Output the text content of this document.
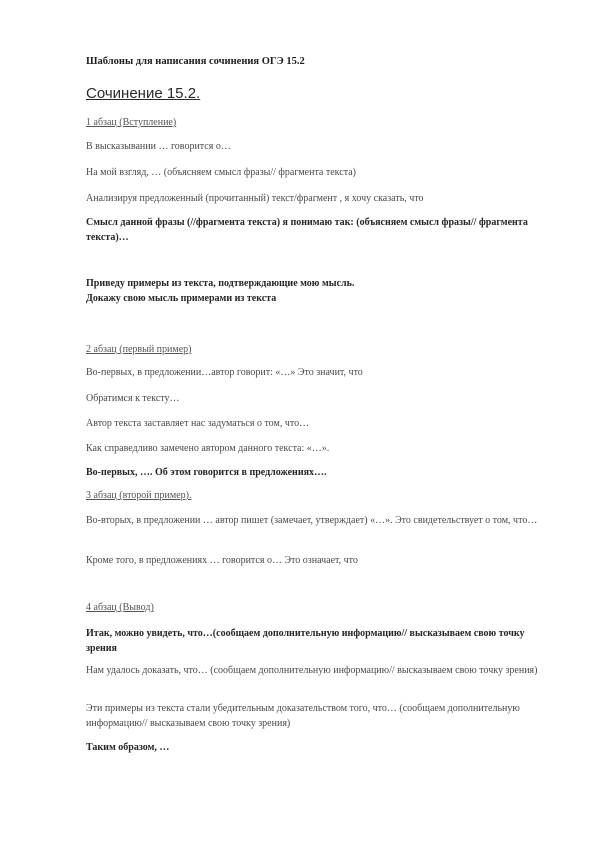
Шаблоны для написания сочинения ОГЭ 15.2
Сочинение 15.2.
1 абзац (Вступление)
В высказывании … говорится о…
На мой взгляд, … (объясняем смысл фразы// фрагмента текста)
Анализируя предложенный (прочитанный) текст/фрагмент , я хочу сказать, что
Смысл данной фразы (//фрагмента текста) я понимаю так: (объясняем смысл фразы// фрагмента текста)…
Приведу примеры из текста, подтверждающие мою мысль.
Докажу свою мысль примерами из текста
2 абзац (первый пример)
Во-первых, в предложении…автор говорит: «…» Это значит, что
Обратимся к тексту…
Автор текста заставляет нас задуматься о том, что…
Как справедливо замечено автором данного текста: «…».
Во-первых, …. Об этом говорится в предложениях….
3 абзац (второй пример).
Во-вторых, в предложении … автор пишет (замечает, утверждает) «…». Это свидетельствует о том, что…
Кроме того, в предложениях … говорится о… Это означает, что
4 абзац (Вывод)
Итак, можно увидеть, что…(сообщаем дополнительную информацию// высказываем свою точку зрения
Нам удалось доказать, что… (сообщаем дополнительную информацию// высказываем свою точку зрения)
Эти примеры из текста стали убедительным доказательством того, что… (сообщаем дополнительную информацию// высказываем свою точку зрения)
Таким образом, …
